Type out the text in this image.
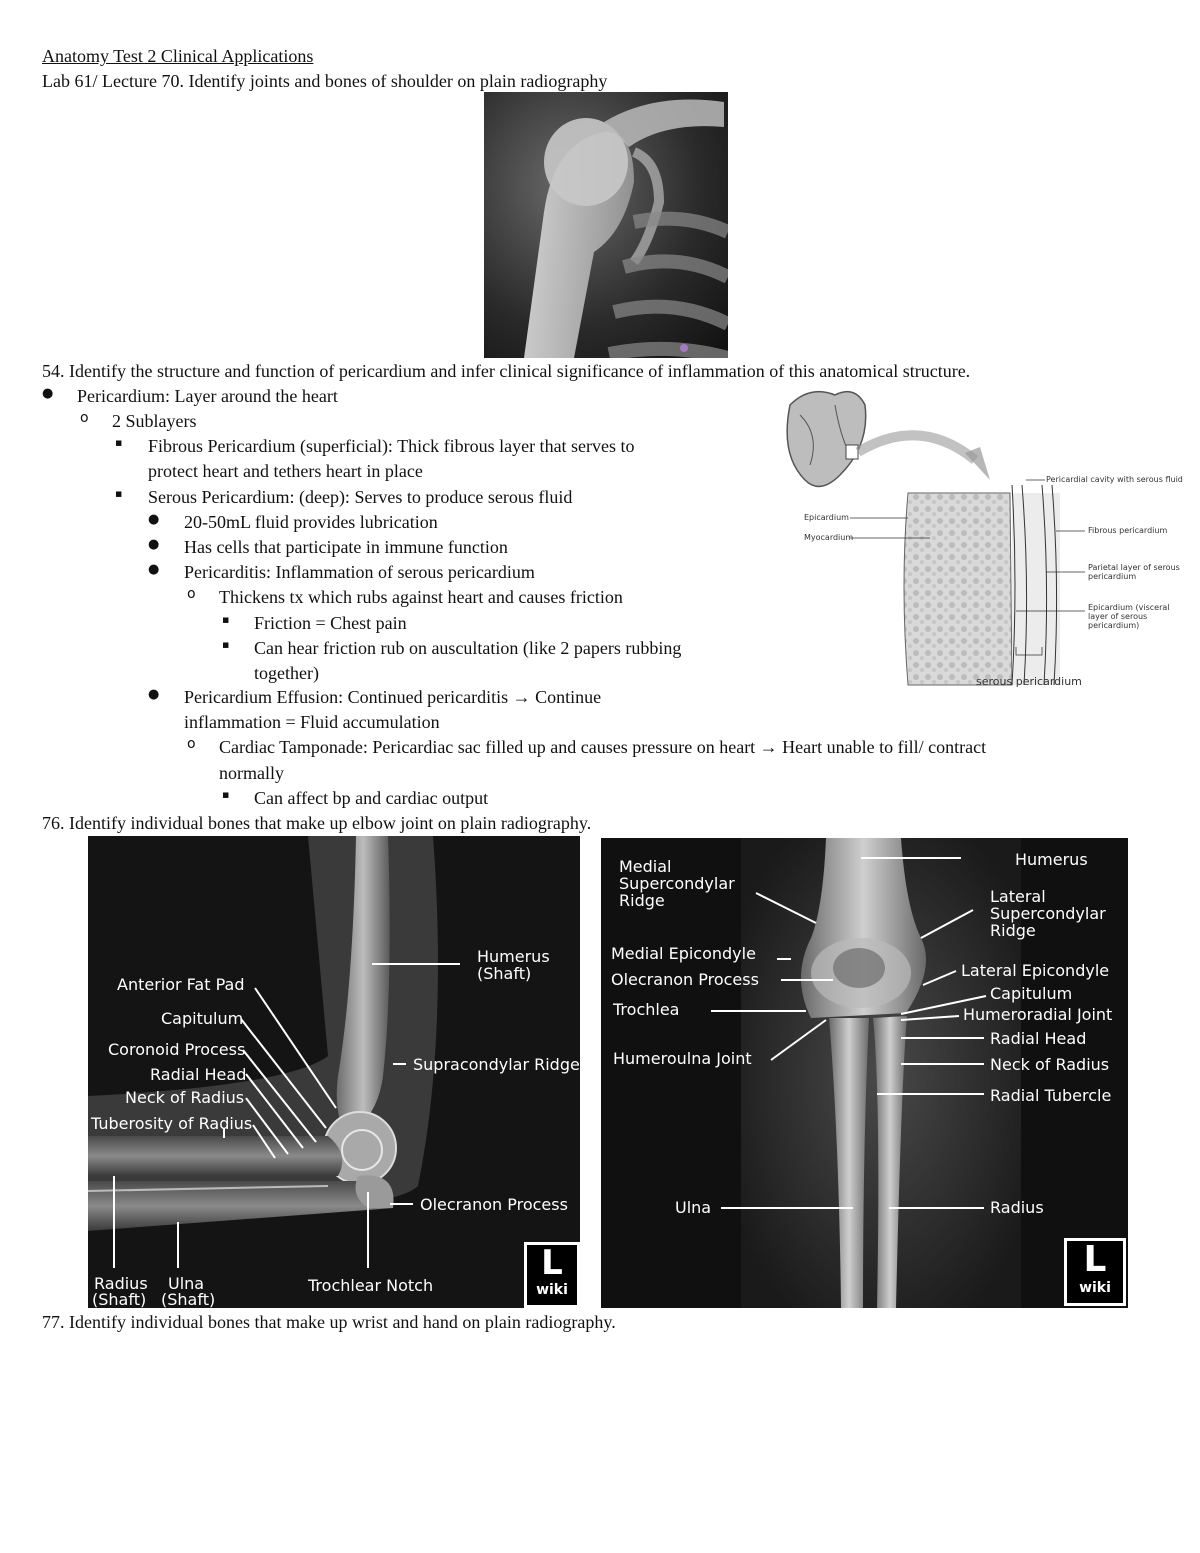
Anatomy Test 2 Clinical Applications
Lab 61/ Lecture 70. Identify joints and bones of shoulder on plain radiography
54. Identify the structure and function of pericardium and infer clinical significance of inflammation of this anatomical structure.
● Pericardium: Layer around the heart
o 2 Sublayers
▪ Fibrous Pericardium (superficial): Thick fibrous layer that serves to
protect heart and tethers heart in place
▪ Serous Pericardium: (deep): Serves to produce serous fluid
● 20-50mL fluid provides lubrication
● Has cells that participate in immune function
● Pericarditis: Inflammation of serous pericardium
o Thickens tx which rubs against heart and causes friction
▪ Friction = Chest pain
▪ Can hear friction rub on auscultation (like 2 papers rubbing
together)
● Pericardium Effusion: Continued pericarditis → Continue
inflammation = Fluid accumulation
o Cardiac Tamponade: Pericardiac sac filled up and causes pressure on heart → Heart unable to fill/ contract
normally
▪ Can affect bp and cardiac output
76. Identify individual bones that make up elbow joint on plain radiography.
Epicardium
Myocardium
Pericardial cavity with serous fluid
Fibrous pericardium
Parietal layer of serous pericardium
Epicardium (visceral layer of serous pericardium)
serous pericardium
Humerus
(Shaft)
Anterior Fat Pad
Capitulum
Coronoid Process
Radial Head
Neck of Radius
Tuberosity of Radius
Supracondylar Ridge
Olecranon Process
Radius
(Shaft)
Ulna
(Shaft)
Trochlear Notch
L
wiki
Medial
Supercondylar
Ridge
Humerus
Lateral
Supercondylar
Ridge
Medial Epicondyle
Olecranon Process
Trochlea
Humeroulna Joint
Lateral Epicondyle
Capitulum
Humeroradial Joint
Radial Head
Neck of Radius
Radial Tubercle
Ulna	Radius
L
wiki
77. Identify individual bones that make up wrist and hand on plain radiography.
